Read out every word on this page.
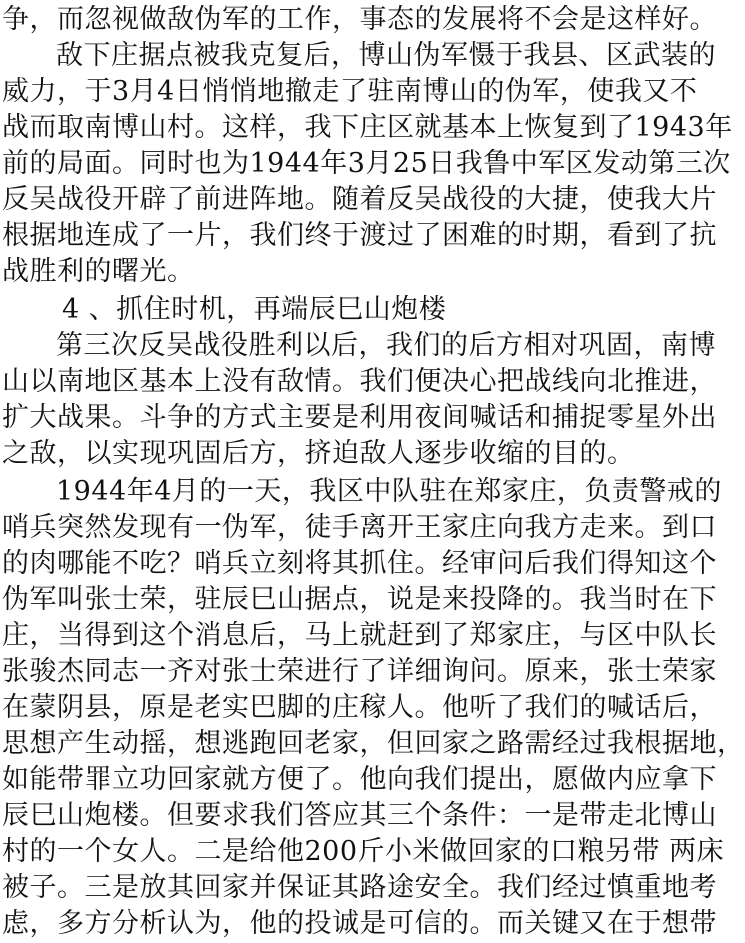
争，而忽视做敌伪军的工作，事态的发展将不会是这样好。
敌下庄据点被我克复后，博山伪军慑于我县、区武装的
威力，于3月4日悄悄地撤走了驻南博山的伪军，使我又不
战而取南博山村。这样，我下庄区就基本上恢复到了1943年
前的局面。同时也为1944年3月25日我鲁中军区发动第三次
反吴战役开辟了前进阵地。随着反吴战役的大捷，使我大片
根据地连成了一片，我们终于渡过了困难的时期，看到了抗
战胜利的曙光。
4 、抓住时机，再端辰巳山炮楼
第三次反吴战役胜利以后，我们的后方相对巩固，南博
山以南地区基本上没有敌情。我们便决心把战线向北推进，
扩大战果。斗争的方式主要是利用夜间喊话和捕捉零星外出
之敌，以实现巩固后方，挤迫敌人逐步收缩的目的。
1944年4月的一天，我区中队驻在郑家庄，负责警戒的
哨兵突然发现有一伪军，徒手离开王家庄向我方走来。到口
的肉哪能不吃？哨兵立刻将其抓住。经审问后我们得知这个
伪军叫张士荣，驻辰巳山据点，说是来投降的。我当时在下
庄，当得到这个消息后，马上就赶到了郑家庄，与区中队长
张骏杰同志一齐对张士荣进行了详细询问。原来，张士荣家
在蒙阴县，原是老实巴脚的庄稼人。他听了我们的喊话后，
思想产生动摇，想逃跑回老家，但回家之路需经过我根据地，
如能带罪立功回家就方便了。他向我们提出，愿做内应拿下
辰巳山炮楼。但要求我们答应其三个条件：一是带走北博山
村的一个女人。二是给他200斤小米做回家的口粮另带 两床
被子。三是放其回家并保证其路途安全。我们经过慎重地考
虑，多方分析认为，他的投诚是可信的。而关键又在于想带
